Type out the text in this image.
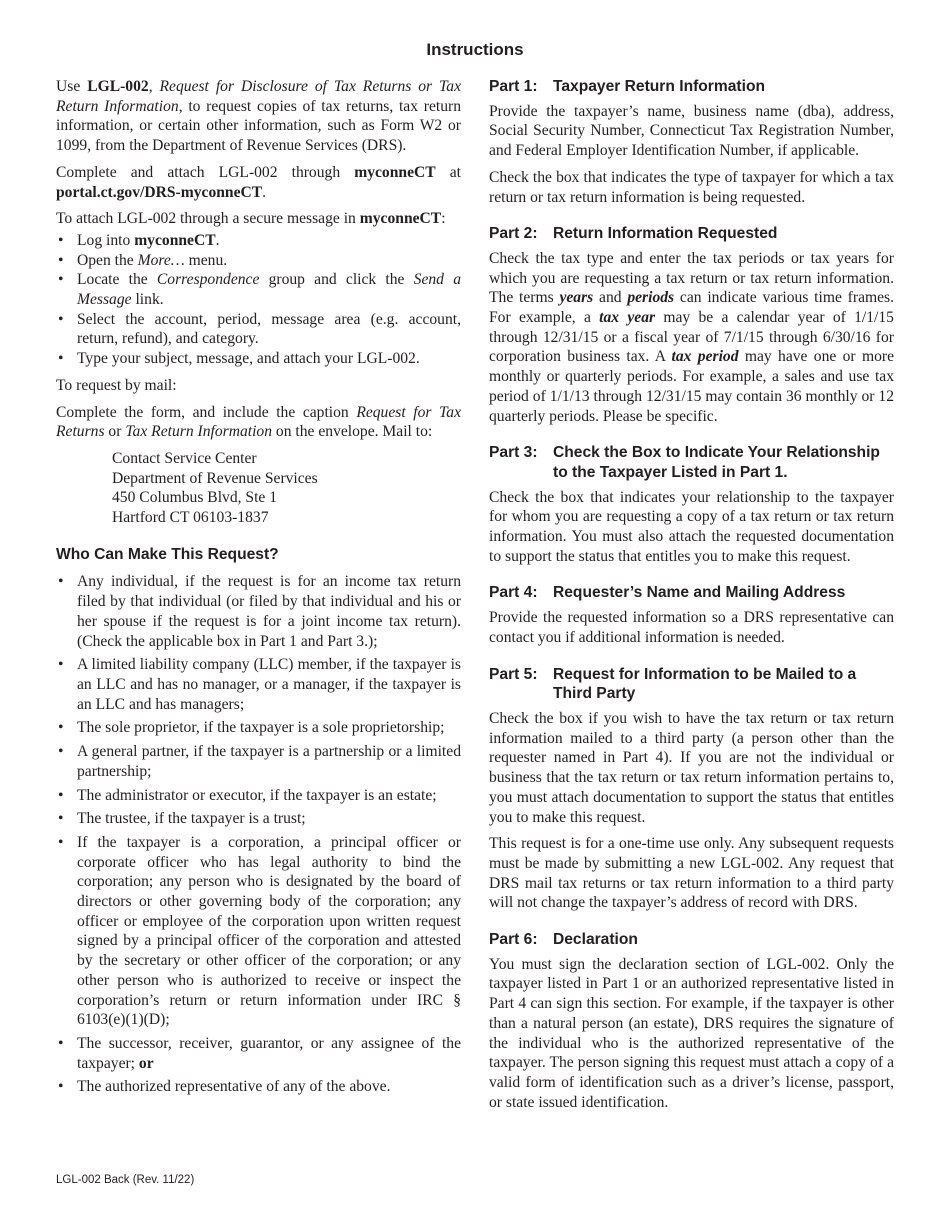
Instructions

Use LGL-002, Request for Disclosure of Tax Returns or Tax Return Information, to request copies of tax returns, tax return information, or certain other information, such as Form W2 or 1099, from the Department of Revenue Services (DRS).

Complete and attach LGL-002 through myconneCT at portal.ct.gov/DRS-myconneCT.

To attach LGL-002 through a secure message in myconneCT:

• Log into myconneCT.
• Open the More… menu.
• Locate the Correspondence group and click the Send a Message link.
• Select the account, period, message area (e.g. account, return, refund), and category.
• Type your subject, message, and attach your LGL-002.

To request by mail:

Complete the form, and include the caption Request for Tax Returns or Tax Return Information on the envelope. Mail to:

Contact Service Center
Department of Revenue Services
450 Columbus Blvd, Ste 1
Hartford CT 06103-1837
Who Can Make This Request?
• Any individual, if the request is for an income tax return filed by that individual (or filed by that individual and his or her spouse if the request is for a joint income tax return). (Check the applicable box in Part 1 and Part 3.);
• A limited liability company (LLC) member, if the taxpayer is an LLC and has no manager, or a manager, if the taxpayer is an LLC and has managers;
• The sole proprietor, if the taxpayer is a sole proprietorship;
• A general partner, if the taxpayer is a partnership or a limited partnership;
• The administrator or executor, if the taxpayer is an estate;
• The trustee, if the taxpayer is a trust;
• If the taxpayer is a corporation, a principal officer or corporate officer who has legal authority to bind the corporation; any person who is designated by the board of directors or other governing body of the corporation; any officer or employee of the corporation upon written request signed by a principal officer of the corporation and attested by the secretary or other officer of the corporation; or any other person who is authorized to receive or inspect the corporation’s return or return information under IRC § 6103(e)(1)(D);
• The successor, receiver, guarantor, or any assignee of the taxpayer; or
• The authorized representative of any of the above.
Part 1: Taxpayer Return Information

Provide the taxpayer’s name, business name (dba), address, Social Security Number, Connecticut Tax Registration Number, and Federal Employer Identification Number, if applicable.

Check the box that indicates the type of taxpayer for which a tax return or tax return information is being requested.

Part 2: Return Information Requested

Check the tax type and enter the tax periods or tax years for which you are requesting a tax return or tax return information. The terms years and periods can indicate various time frames. For example, a tax year may be a calendar year of 1/1/15 through 12/31/15 or a fiscal year of 7/1/15 through 6/30/16 for corporation business tax. A tax period may have one or more monthly or quarterly periods. For example, a sales and use tax period of 1/1/13 through 12/31/15 may contain 36 monthly or 12 quarterly periods. Please be specific.

Part 3: Check the Box to Indicate Your Relationship to the Taxpayer Listed in Part 1.

Check the box that indicates your relationship to the taxpayer for whom you are requesting a copy of a tax return or tax return information. You must also attach the requested documentation to support the status that entitles you to make this request.

Part 4: Requester’s Name and Mailing Address

Provide the requested information so a DRS representative can contact you if additional information is needed.

Part 5: Request for Information to be Mailed to a Third Party

Check the box if you wish to have the tax return or tax return information mailed to a third party (a person other than the requester named in Part 4). If you are not the individual or business that the tax return or tax return information pertains to, you must attach documentation to support the status that entitles you to make this request.

This request is for a one-time use only. Any subsequent requests must be made by submitting a new LGL-002. Any request that DRS mail tax returns or tax return information to a third party will not change the taxpayer’s address of record with DRS.

Part 6: Declaration

You must sign the declaration section of LGL-002. Only the taxpayer listed in Part 1 or an authorized representative listed in Part 4 can sign this section. For example, if the taxpayer is other than a natural person (an estate), DRS requires the signature of the individual who is the authorized representative of the taxpayer. The person signing this request must attach a copy of a valid form of identification such as a driver’s license, passport, or state issued identification.

LGL-002 Back (Rev. 11/22)
